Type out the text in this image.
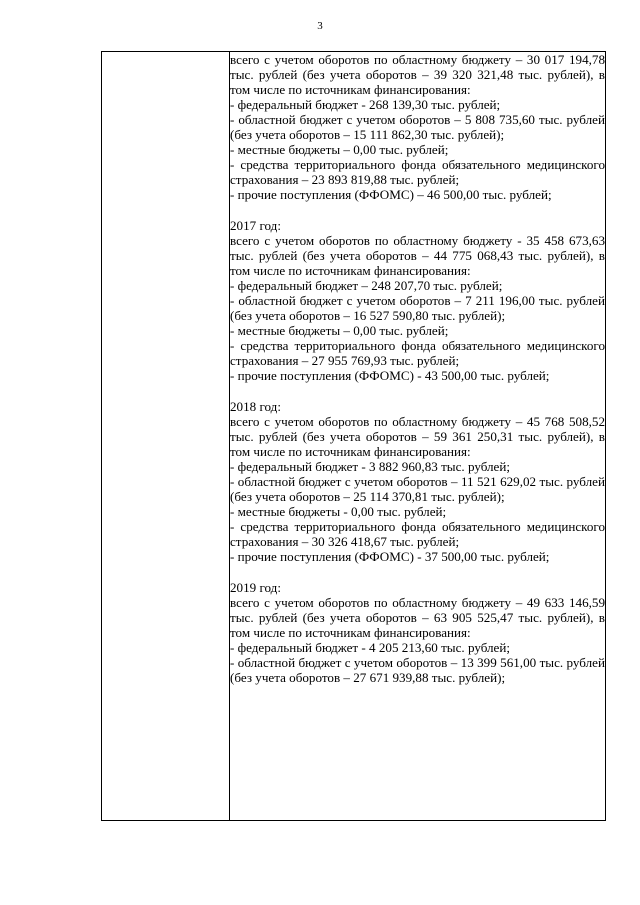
3

всего с учетом оборотов по областному бюджету – 30 017 194,78 тыс. рублей (без учета оборотов – 39 320 321,48 тыс. рублей), в том числе по источникам финансирования:

- федеральный бюджет - 268 139,30 тыс. рублей;

- областной бюджет с учетом оборотов – 5 808 735,60 тыс. рублей (без учета оборотов – 15 111 862,30 тыс. рублей);

- местные бюджеты – 0,00 тыс. рублей;

- средства территориального фонда обязательного медицинского страхования – 23 893 819,88 тыс. рублей;

- прочие поступления (ФФОМС) – 46 500,00 тыс. рублей;

2017 год:

всего с учетом оборотов по областному бюджету - 35 458 673,63 тыс. рублей (без учета оборотов – 44 775 068,43 тыс. рублей), в том числе по источникам финансирования:

- федеральный бюджет – 248 207,70 тыс. рублей;

- областной бюджет с учетом оборотов – 7 211 196,00 тыс. рублей (без учета оборотов – 16 527 590,80 тыс. рублей);

- местные бюджеты – 0,00 тыс. рублей;

- средства территориального фонда обязательного медицинского страхования – 27 955 769,93 тыс. рублей;

- прочие поступления (ФФОМС) - 43 500,00 тыс. рублей;

2018 год:

всего с учетом оборотов по областному бюджету – 45 768 508,52 тыс. рублей (без учета оборотов – 59 361 250,31 тыс. рублей), в том числе по источникам финансирования:

- федеральный бюджет - 3 882 960,83 тыс. рублей;

- областной бюджет с учетом оборотов – 11 521 629,02 тыс. рублей (без учета оборотов – 25 114 370,81 тыс. рублей);

- местные бюджеты - 0,00 тыс. рублей;

- средства территориального фонда обязательного медицинского страхования – 30 326 418,67 тыс. рублей;

- прочие поступления (ФФОМС) - 37 500,00 тыс. рублей;

2019 год:

всего с учетом оборотов по областному бюджету – 49 633 146,59 тыс. рублей (без учета оборотов – 63 905 525,47 тыс. рублей), в том числе по источникам финансирования:

- федеральный бюджет - 4 205 213,60 тыс. рублей;

- областной бюджет с учетом оборотов – 13 399 561,00 тыс. рублей (без учета оборотов – 27 671 939,88 тыс. рублей);
